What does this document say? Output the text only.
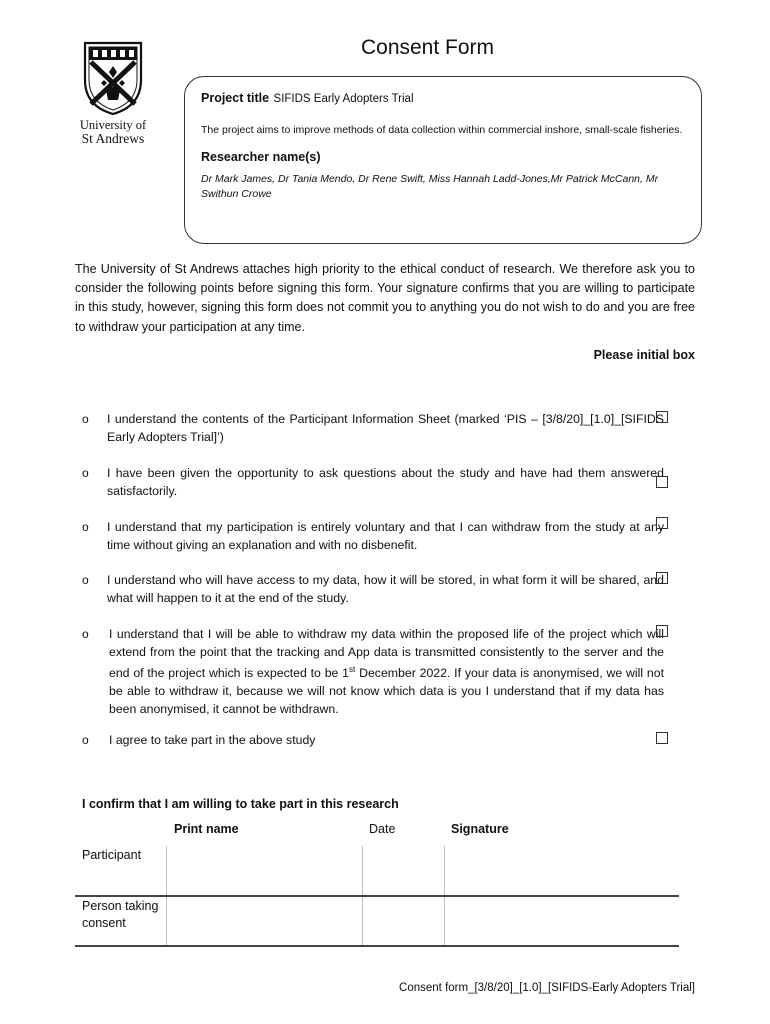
University of
St Andrews
Consent Form
Project title SIFIDS Early Adopters Trial
The project aims to improve methods of data collection within commercial inshore, small-scale fisheries.
Researcher name(s)
Dr Mark James, Dr Tania Mendo, Dr Rene Swift, Miss Hannah Ladd-Jones,Mr Patrick McCann, Mr Swithun Crowe
The University of St Andrews attaches high priority to the ethical conduct of research. We therefore ask you to consider the following points before signing this form. Your signature confirms that you are willing to participate in this study, however, signing this form does not commit you to anything you do not wish to do and you are free to withdraw your participation at any time.
Please initial box
o I understand the contents of the Participant Information Sheet (marked ‘PIS – [3/8/20]_[1.0]_[SIFIDS Early Adopters Trial]’)
o I have been given the opportunity to ask questions about the study and have had them answered satisfactorily.
o I understand that my participation is entirely voluntary and that I can withdraw from the study at any time without giving an explanation and with no disbenefit.
o I understand who will have access to my data, how it will be stored, in what form it will be shared, and what will happen to it at the end of the study.
o I understand that I will be able to withdraw my data within the proposed life of the project which will extend from the point that the tracking and App data is transmitted consistently to the server and the end of the project which is expected to be 1st December 2022. If your data is anonymised, we will not be able to withdraw it, because we will not know which data is you I understand that if my data has been anonymised, it cannot be withdrawn.
o I agree to take part in the above study
I confirm that I am willing to take part in this research
Print name	Date	Signature
Participant
Person taking
consent
Consent form_[3/8/20]_[1.0]_[SIFIDS-Early Adopters Trial]
